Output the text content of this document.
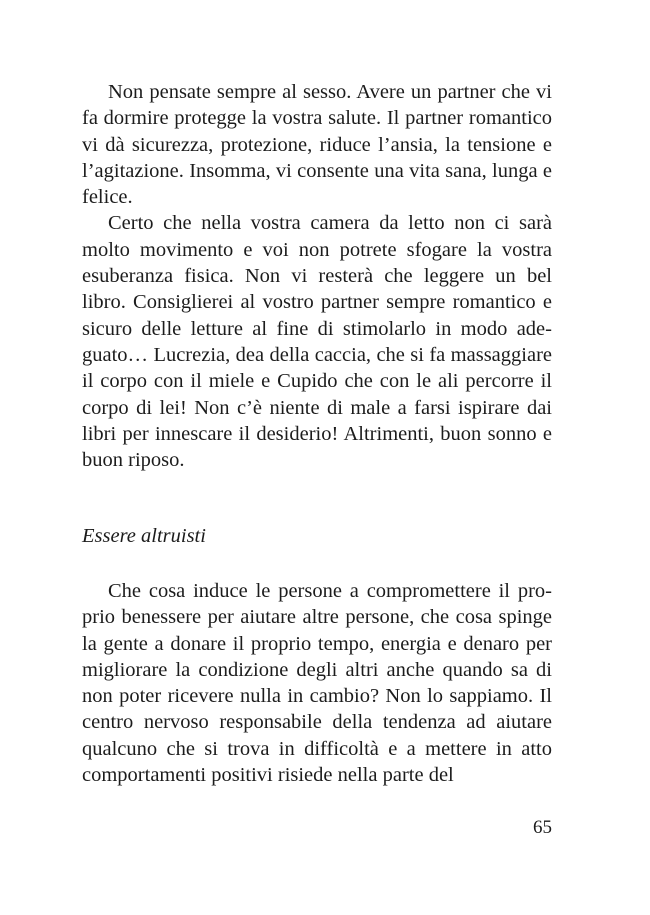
Non pensate sempre al sesso. Avere un partner che vi fa dormire protegge la vostra salute. Il partner romantico vi dà sicurezza, protezione, riduce l’ansia, la tensione e l’agitazione. Insomma, vi consente una vita sana, lunga e felice.

Certo che nella vostra camera da letto non ci sarà molto movimento e voi non potrete sfogare la vostra esuberanza fisica. Non vi resterà che leggere un bel libro. Consiglierei al vostro partner sempre romantico e sicuro delle letture al fine di stimolarlo in modo adeguato… Lucrezia, dea della caccia, che si fa massaggiare il corpo con il miele e Cupido che con le ali percorre il corpo di lei! Non c’è niente di male a farsi ispirare dai libri per innescare il desiderio! Altrimenti, buon sonno e buon riposo.

Essere altruisti

Che cosa induce le persone a compromettere il proprio benessere per aiutare altre persone, che cosa spinge la gente a donare il proprio tempo, energia e denaro per migliorare la condizione degli altri anche quando sa di non poter ricevere nulla in cambio? Non lo sappiamo. Il centro nervoso responsabile della tendenza ad aiutare qualcuno che si trova in difficoltà e a mettere in atto comportamenti positivi risiede nella parte del

65
